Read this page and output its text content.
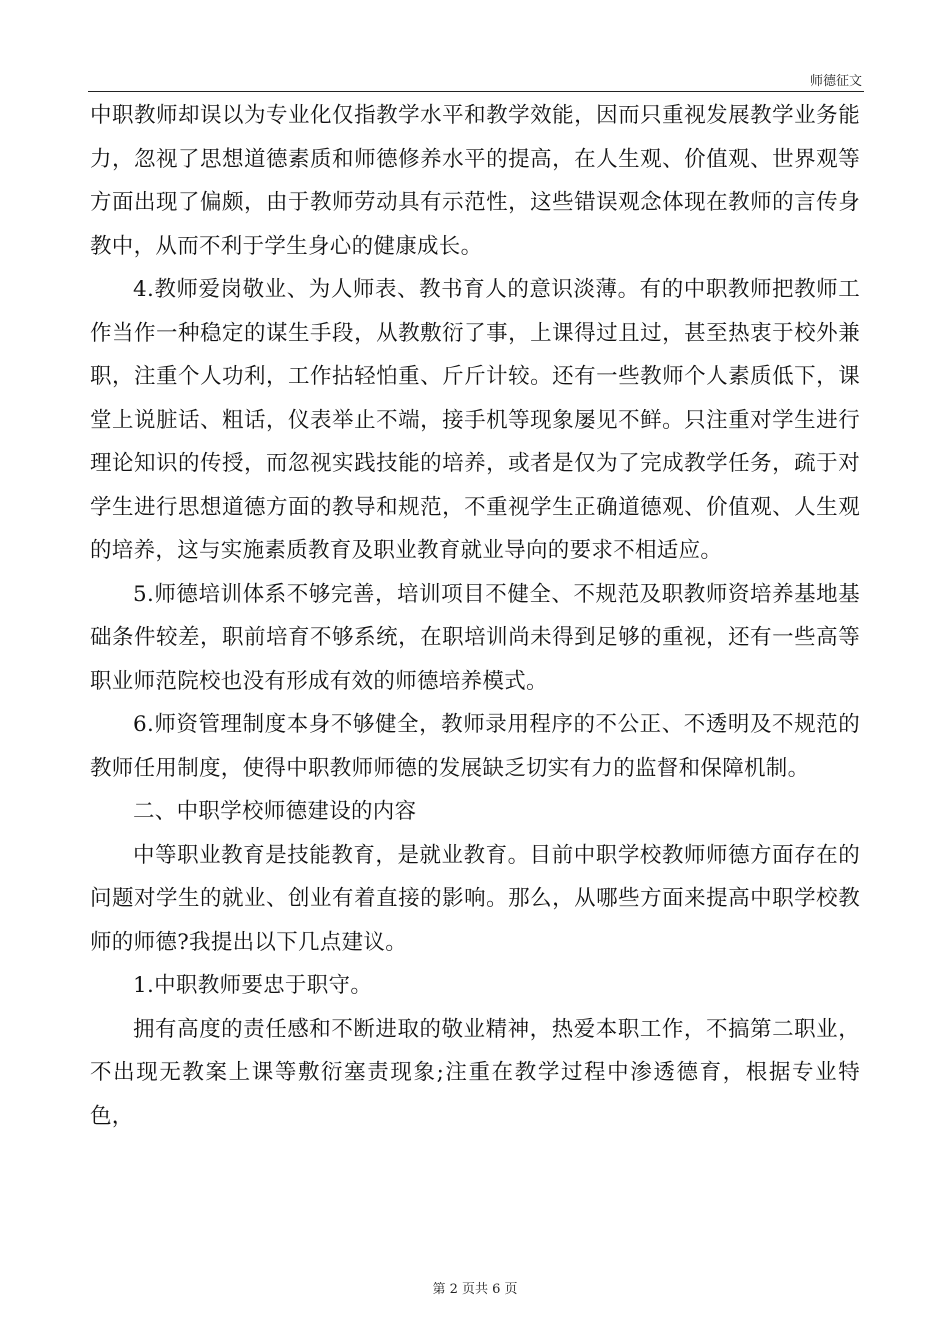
师德征文

中职教师却误以为专业化仅指教学水平和教学效能，因而只重视发展教学业务能力，忽视了思想道德素质和师德修养水平的提高，在人生观、价值观、世界观等方面出现了偏颇，由于教师劳动具有示范性，这些错误观念体现在教师的言传身教中，从而不利于学生身心的健康成长。

4.教师爱岗敬业、为人师表、教书育人的意识淡薄。有的中职教师把教师工作当作一种稳定的谋生手段，从教敷衍了事，上课得过且过，甚至热衷于校外兼职，注重个人功利，工作拈轻怕重、斤斤计较。还有一些教师个人素质低下，课堂上说脏话、粗话，仪表举止不端，接手机等现象屡见不鲜。只注重对学生进行理论知识的传授，而忽视实践技能的培养，或者是仅为了完成教学任务，疏于对学生进行思想道德方面的教导和规范，不重视学生正确道德观、价值观、人生观的培养，这与实施素质教育及职业教育就业导向的要求不相适应。

5.师德培训体系不够完善，培训项目不健全、不规范及职教师资培养基地基础条件较差，职前培育不够系统，在职培训尚未得到足够的重视，还有一些高等职业师范院校也没有形成有效的师德培养模式。

6.师资管理制度本身不够健全，教师录用程序的不公正、不透明及不规范的教师任用制度，使得中职教师师德的发展缺乏切实有力的监督和保障机制。

二、中职学校师德建设的内容

中等职业教育是技能教育，是就业教育。目前中职学校教师师德方面存在的问题对学生的就业、创业有着直接的影响。那么，从哪些方面来提高中职学校教师的师德?我提出以下几点建议。

1.中职教师要忠于职守。

拥有高度的责任感和不断进取的敬业精神，热爱本职工作，不搞第二职业，不出现无教案上课等敷衍塞责现象;注重在教学过程中渗透德育，根据专业特色，

第 2 页共 6 页
